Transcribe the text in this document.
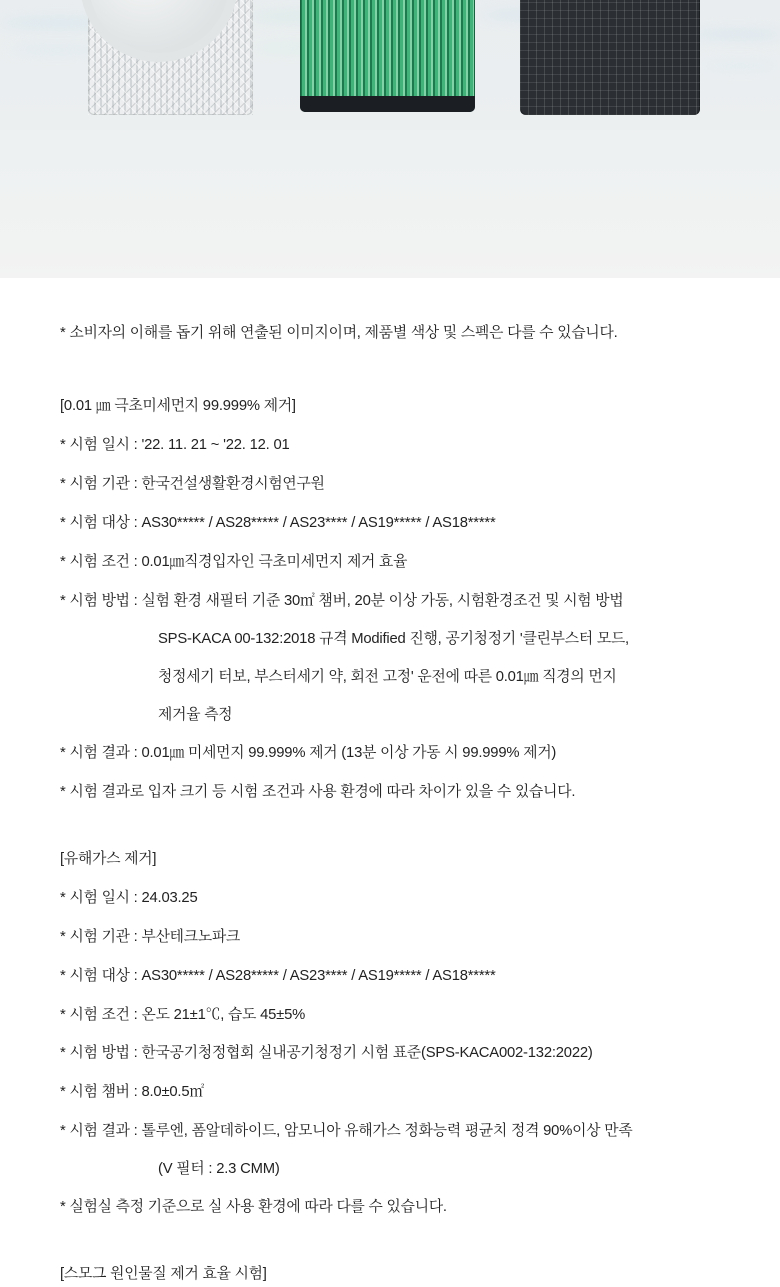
* 소비자의 이해를 돕기 위해 연출된 이미지이며, 제품별 색상 및 스펙은 다를 수 있습니다.

[0.01 ㎛ 극초미세먼지 99.999% 제거]

* 시험 일시 : '22. 11. 21 ~ '22. 12. 01

* 시험 기관 : 한국건설생활환경시험연구원

* 시험 대상 : AS30***** / AS28***** / AS23**** / AS19***** / AS18*****

* 시험 조건 : 0.01㎛직경입자인 극초미세먼지 제거 효율

* 시험 방법 : 실험 환경 새필터 기준 30㎡ 챔버, 20분 이상 가동, 시험환경조건 및 시험 방법

SPS-KACA 00-132:2018 규격 Modified 진행, 공기청정기 '클린부스터 모드,

청정세기 터보, 부스터세기 약, 회전 고정' 운전에 따른 0.01㎛ 직경의 먼지

제거율 측정

* 시험 결과 : 0.01㎛ 미세먼지 99.999% 제거 (13분 이상 가동 시 99.999% 제거)

* 시험 결과로 입자 크기 등 시험 조건과 사용 환경에 따라 차이가 있을 수 있습니다.

[유해가스 제거]

* 시험 일시 : 24.03.25

* 시험 기관 : 부산테크노파크

* 시험 대상 : AS30***** / AS28***** / AS23**** / AS19***** / AS18*****

* 시험 조건 : 온도 21±1℃, 습도 45±5%

* 시험 방법 : 한국공기청정협회 실내공기청정기 시험 표준(SPS-KACA002-132:2022)

* 시험 챔버 : 8.0±0.5㎡

* 시험 결과 : 톨루엔, 폼알데하이드, 암모니아 유해가스 정화능력 평균치 정격 90%이상 만족

(V 필터 : 2.3 CMM)

* 실험실 측정 기준으로 실 사용 환경에 따라 다를 수 있습니다.

[스모그 원인물질 제거 효율 시험]
